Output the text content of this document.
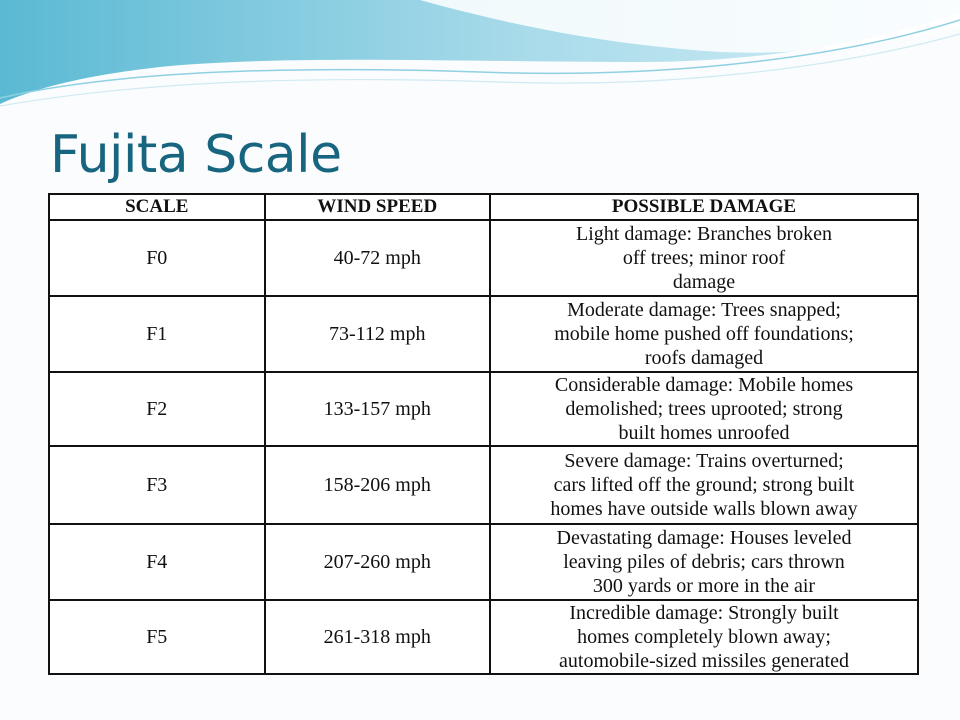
Fujita Scale
SCALE	WIND SPEED	POSSIBLE DAMAGE
F0	40-72 mph	Light damage: Branches broken
off trees; minor roof
damage

F1	73-112 mph	Moderate damage: Trees snapped;
mobile home pushed off foundations;
roofs damaged

F2	133-157 mph	Considerable damage: Mobile homes
demolished; trees uprooted; strong
built homes unroofed

F3	158-206 mph	Severe damage: Trains overturned;
cars lifted off the ground; strong built
homes have outside walls blown away

F4	207-260 mph	Devastating damage: Houses leveled
leaving piles of debris; cars thrown
300 yards or more in the air

F5	261-318 mph	Incredible damage: Strongly built
homes completely blown away;
automobile-sized missiles generated
